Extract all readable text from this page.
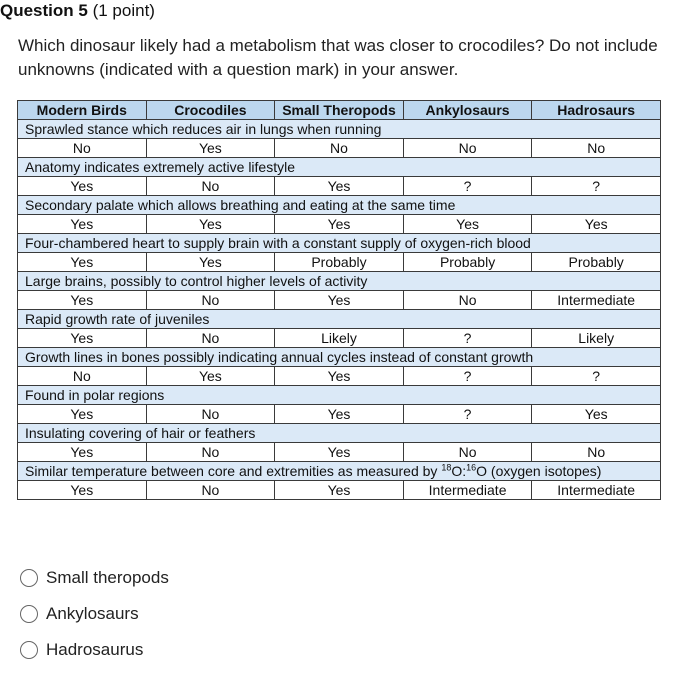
Question 5 (1 point)
Which dinosaur likely had a metabolism that was closer to crocodiles? Do not include unknowns (indicated with a question mark) in your answer.
Modern Birds	Crocodiles	Small Theropods	Ankylosaurs	Hadrosaurs
Sprawled stance which reduces air in lungs when running				
No	Yes	No	No	No
Anatomy indicates extremely active lifestyle				
Yes	No	Yes	?	?
Secondary palate which allows breathing and eating at the same time				
Yes	Yes	Yes	Yes	Yes
Four-chambered heart to supply brain with a constant supply of oxygen-rich blood				
Yes	Yes	Probably	Probably	Probably
Large brains, possibly to control higher levels of activity				
Yes	No	Yes	No	Intermediate
Rapid growth rate of juveniles				
Yes	No	Likely	?	Likely
Growth lines in bones possibly indicating annual cycles instead of constant growth				
No	Yes	Yes	?	?
Found in polar regions				
Yes	No	Yes	?	Yes
Insulating covering of hair or feathers				
Yes	No	Yes	No	No
Similar temperature between core and extremities as measured by $^{18}$O:$^{16}$O (oxygen isotopes)				
Yes	No	Yes	Intermediate	Intermediate
Small theropods
Ankylosaurs
Hadrosaurus
